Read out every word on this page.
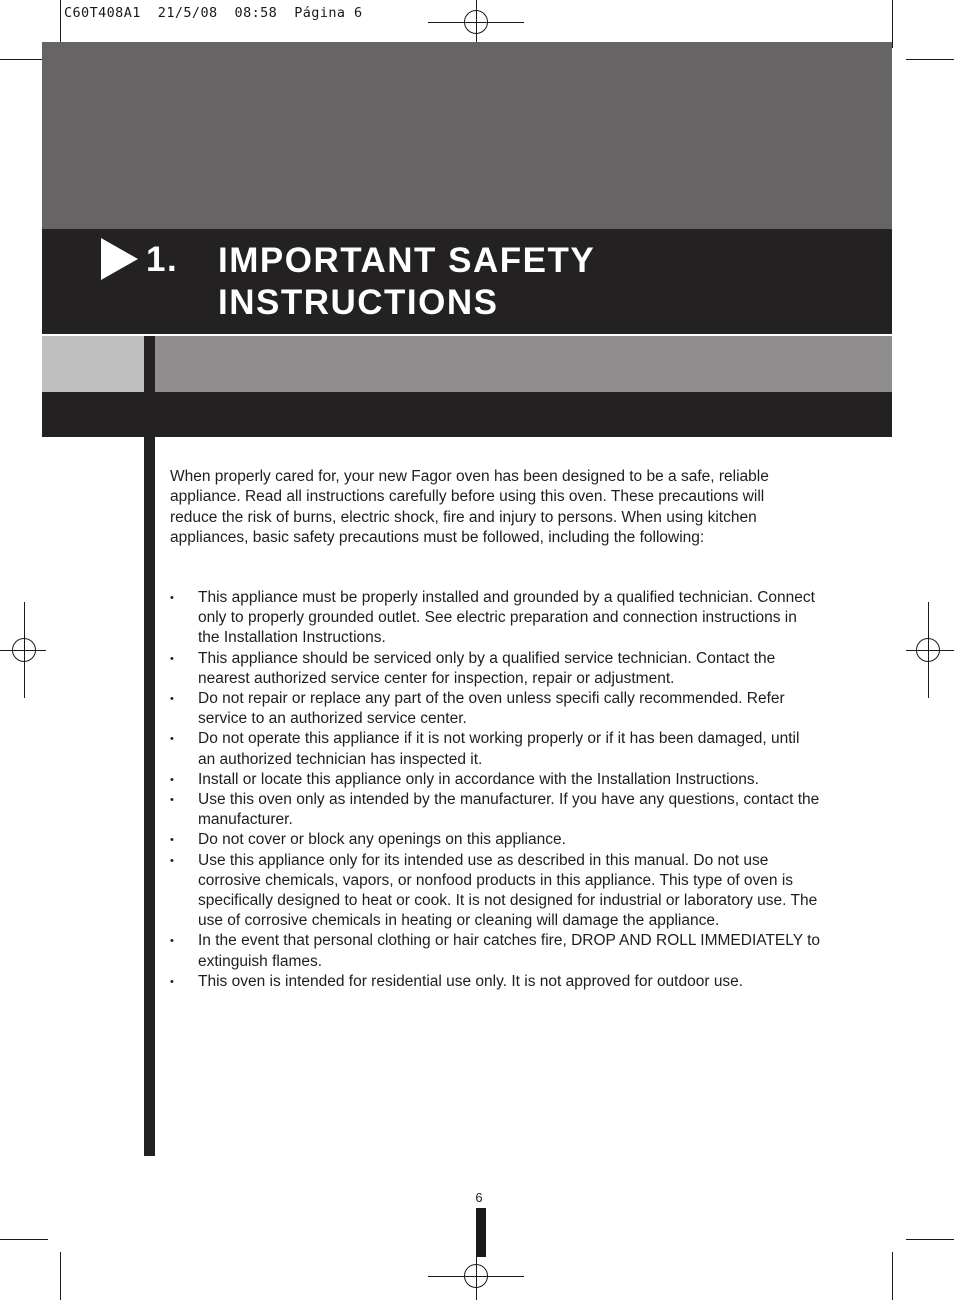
C60T408A1  21/5/08  08:58  Página 6
1. IMPORTANT SAFETY INSTRUCTIONS
When properly cared for, your new Fagor oven has been designed to be a safe, reliable appliance. Read all instructions carefully before using this oven. These precautions will reduce the risk of burns, electric shock, fire and injury to persons. When using kitchen appliances, basic safety precautions must be followed, including the following:
• This appliance must be properly installed and grounded by a qualified technician. Connect only to properly grounded outlet. See electric preparation and connection instructions in the Installation Instructions.
• This appliance should be serviced only by a qualified service technician. Contact the nearest authorized service center for inspection, repair or adjustment.
• Do not repair or replace any part of the oven unless specifi cally recommended. Refer service to an authorized service center.
• Do not operate this appliance if it is not working properly or if it has been damaged, until an authorized technician has inspected it.
• Install or locate this appliance only in accordance with the Installation Instructions.
• Use this oven only as intended by the manufacturer. If you have any questions, contact the manufacturer.
• Do not cover or block any openings on this appliance.
• Use this appliance only for its intended use as described in this manual. Do not use corrosive chemicals, vapors, or nonfood products in this appliance. This type of oven is specifically designed to heat or cook. It is not designed for industrial or laboratory use. The use of corrosive chemicals in heating or cleaning will damage the appliance.
• In the event that personal clothing or hair catches fire, DROP AND ROLL IMMEDIATELY to extinguish flames.
• This oven is intended for residential use only. It is not approved for outdoor use.
6
